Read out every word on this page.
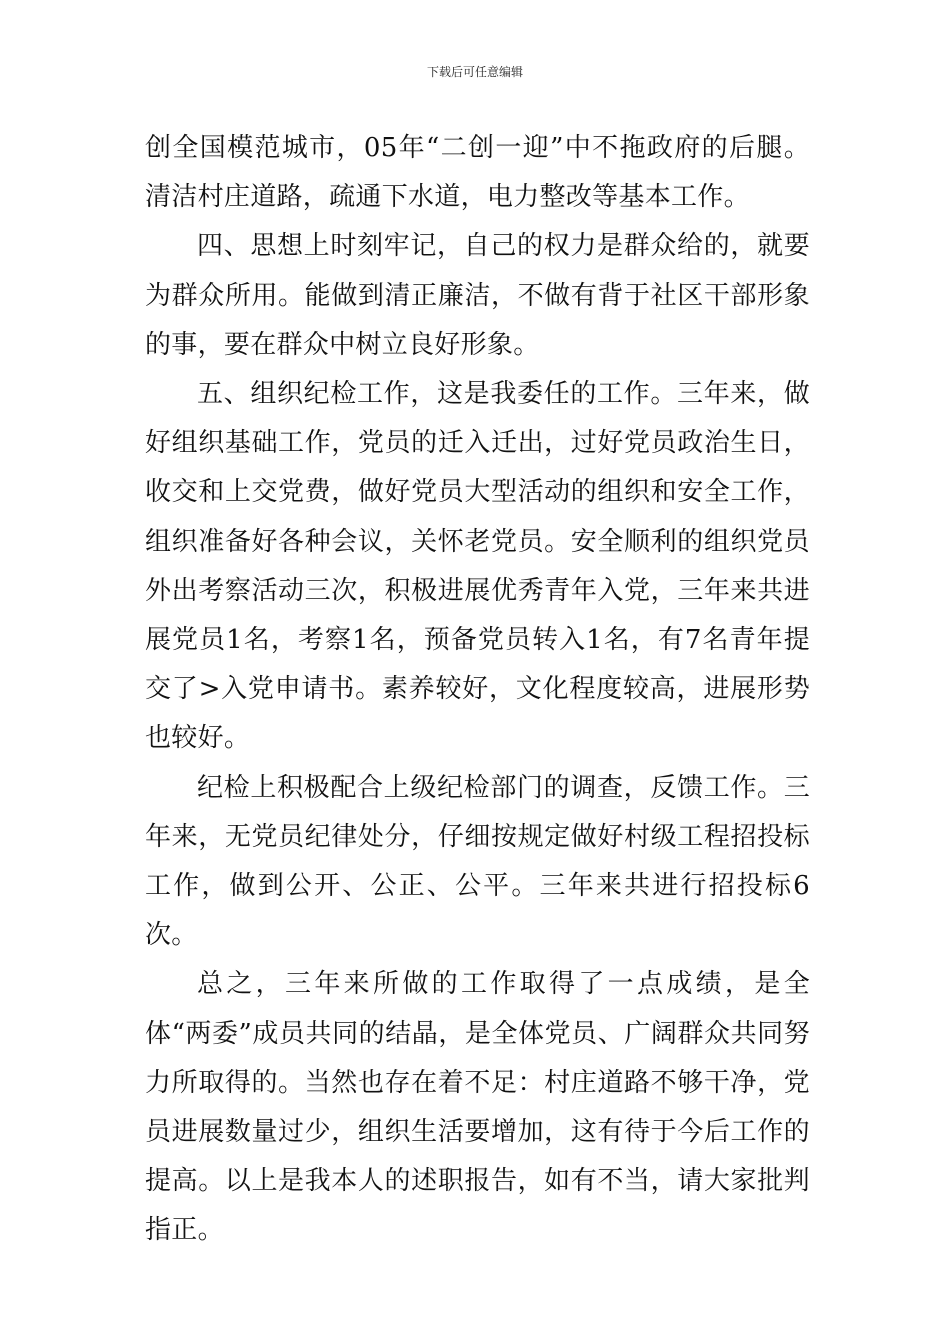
下载后可任意编辑

创全国模范城市，05年“二创一迎”中不拖政府的后腿。清洁村庄道路，疏通下水道，电力整改等基本工作。

四、思想上时刻牢记，自己的权力是群众给的，就要为群众所用。能做到清正廉洁，不做有背于社区干部形象的事，要在群众中树立良好形象。

五、组织纪检工作，这是我委任的工作。三年来，做好组织基础工作，党员的迁入迁出，过好党员政治生日，收交和上交党费，做好党员大型活动的组织和安全工作，组织准备好各种会议，关怀老党员。安全顺利的组织党员外出考察活动三次，积极进展优秀青年入党，三年来共进展党员1名，考察1名，预备党员转入1名，有7名青年提交了>入党申请书。素养较好，文化程度较高，进展形势也较好。

纪检上积极配合上级纪检部门的调查，反馈工作。三年来，无党员纪律处分，仔细按规定做好村级工程招投标工作，做到公开、公正、公平。三年来共进行招投标6次。

总之，三年来所做的工作取得了一点成绩，是全体“两委”成员共同的结晶，是全体党员、广阔群众共同努力所取得的。当然也存在着不足：村庄道路不够干净，党员进展数量过少，组织生活要增加，这有待于今后工作的提高。以上是我本人的述职报告，如有不当，请大家批判指正。
